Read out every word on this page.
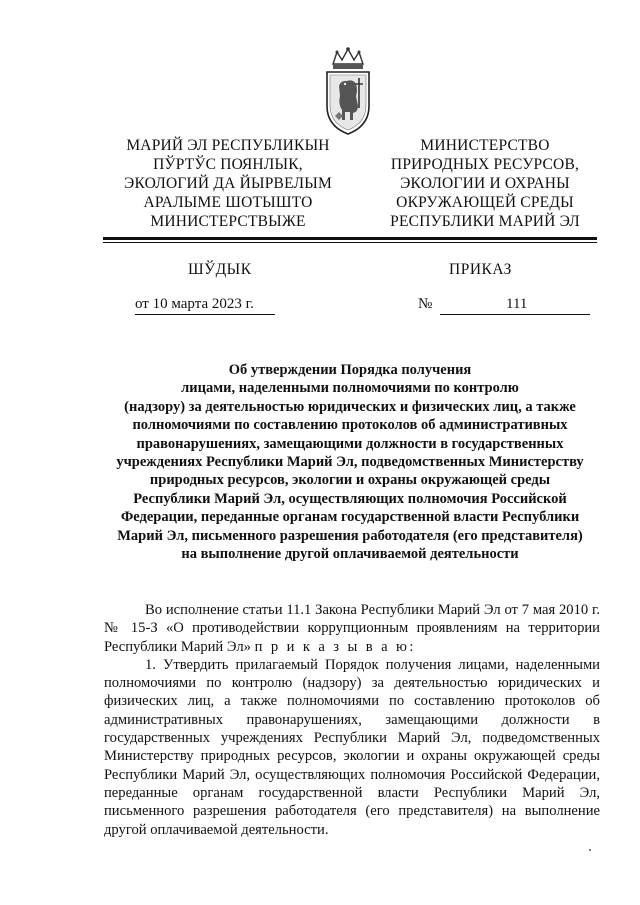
МАРИЙ ЭЛ РЕСПУБЛИКЫН
ПЎРТЎС ПОЯНЛЫК,
ЭКОЛОГИЙ ДА ЙЫРВЕЛЫМ
АРАЛЫМЕ ШОТЫШТО
МИНИСТЕРСТВЫЖЕ
МИНИСТЕРСТВО
ПРИРОДНЫХ РЕСУРСОВ,
ЭКОЛОГИИ И ОХРАНЫ
ОКРУЖАЮЩЕЙ СРЕДЫ
РЕСПУБЛИКИ МАРИЙ ЭЛ
ШЎДЫК	ПРИКАЗ
от 10 марта 2023 г.	№	111
Об утверждении Порядка получения
лицами, наделенными полномочиями по контролю
(надзору) за деятельностью юридических и физических лиц, а также
полномочиями по составлению протоколов об административных
правонарушениях, замещающими должности в государственных
учреждениях Республики Марий Эл, подведомственных Министерству
природных ресурсов, экологии и охраны окружающей среды
Республики Марий Эл, осуществляющих полномочия Российской
Федерации, переданные органам государственной власти Республики
Марий Эл, письменного разрешения работодателя (его представителя)
на выполнение другой оплачиваемой деятельности

Во исполнение статьи 11.1 Закона Республики Марий Эл от 7 мая 2010 г. № 15-З «О противодействии коррупционным проявлениям на территории Республики Марий Эл» п р и к а з ы в а ю:

1. Утвердить прилагаемый Порядок получения лицами, наделенными полномочиями по контролю (надзору) за деятельностью юридических и физических лиц, а также полномочиями по составлению протоколов об административных правонарушениях, замещающими должности в государственных учреждениях Республики Марий Эл, подведомственных Министерству природных ресурсов, экологии и охраны окружающей среды Республики Марий Эл, осуществляющих полномочия Российской Федерации, переданные органам государственной власти Республики Марий Эл, письменного разрешения работодателя (его представителя) на выполнение другой оплачиваемой деятельности.
